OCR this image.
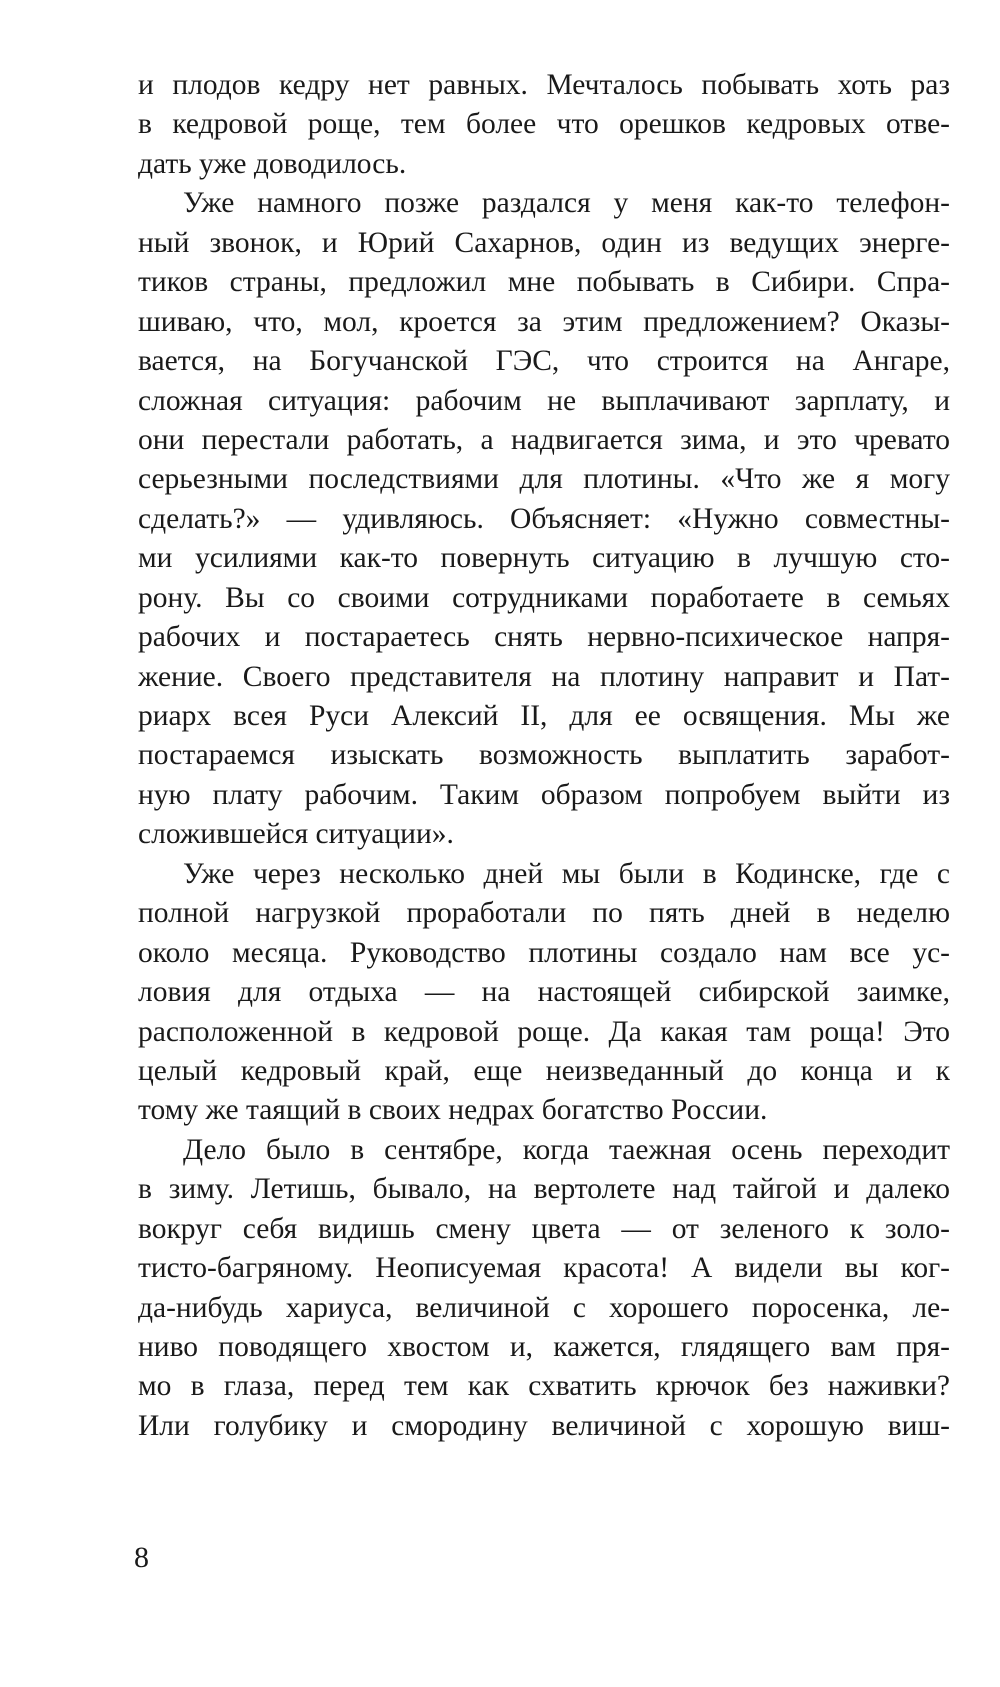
и плодов кедру нет равных. Мечталось побывать хоть раз
в кедровой роще, тем более что орешков кедровых отве-
дать уже доводилось.
Уже намного позже раздался у меня как-то телефон-
ный звонок, и Юрий Сахарнов, один из ведущих энерге-
тиков страны, предложил мне побывать в Сибири. Спра-
шиваю, что, мол, кроется за этим предложением? Оказы-
вается, на Богучанской ГЭС, что строится на Ангаре,
сложная ситуация: рабочим не выплачивают зарплату, и
они перестали работать, а надвигается зима, и это чревато
серьезными последствиями для плотины. «Что же я могу
сделать?» — удивляюсь. Объясняет: «Нужно совместны-
ми усилиями как-то повернуть ситуацию в лучшую сто-
рону. Вы со своими сотрудниками поработаете в семьях
рабочих и постараетесь снять нервно-психическое напря-
жение. Своего представителя на плотину направит и Пат-
риарх всея Руси Алексий II, для ее освящения. Мы же
постараемся изыскать возможность выплатить заработ-
ную плату рабочим. Таким образом попробуем выйти из
сложившейся ситуации».
Уже через несколько дней мы были в Кодинске, где с
полной нагрузкой проработали по пять дней в неделю
около месяца. Руководство плотины создало нам все ус-
ловия для отдыха — на настоящей сибирской заимке,
расположенной в кедровой роще. Да какая там роща! Это
целый кедровый край, еще неизведанный до конца и к
тому же таящий в своих недрах богатство России.
Дело было в сентябре, когда таежная осень переходит
в зиму. Летишь, бывало, на вертолете над тайгой и далеко
вокруг себя видишь смену цвета — от зеленого к золо-
тисто-багряному. Неописуемая красота! А видели вы ког-
да-нибудь хариуса, величиной с хорошего поросенка, ле-
ниво поводящего хвостом и, кажется, глядящего вам пря-
мо в глаза, перед тем как схватить крючок без наживки?
Или голубику и смородину величиной с хорошую виш-
8
